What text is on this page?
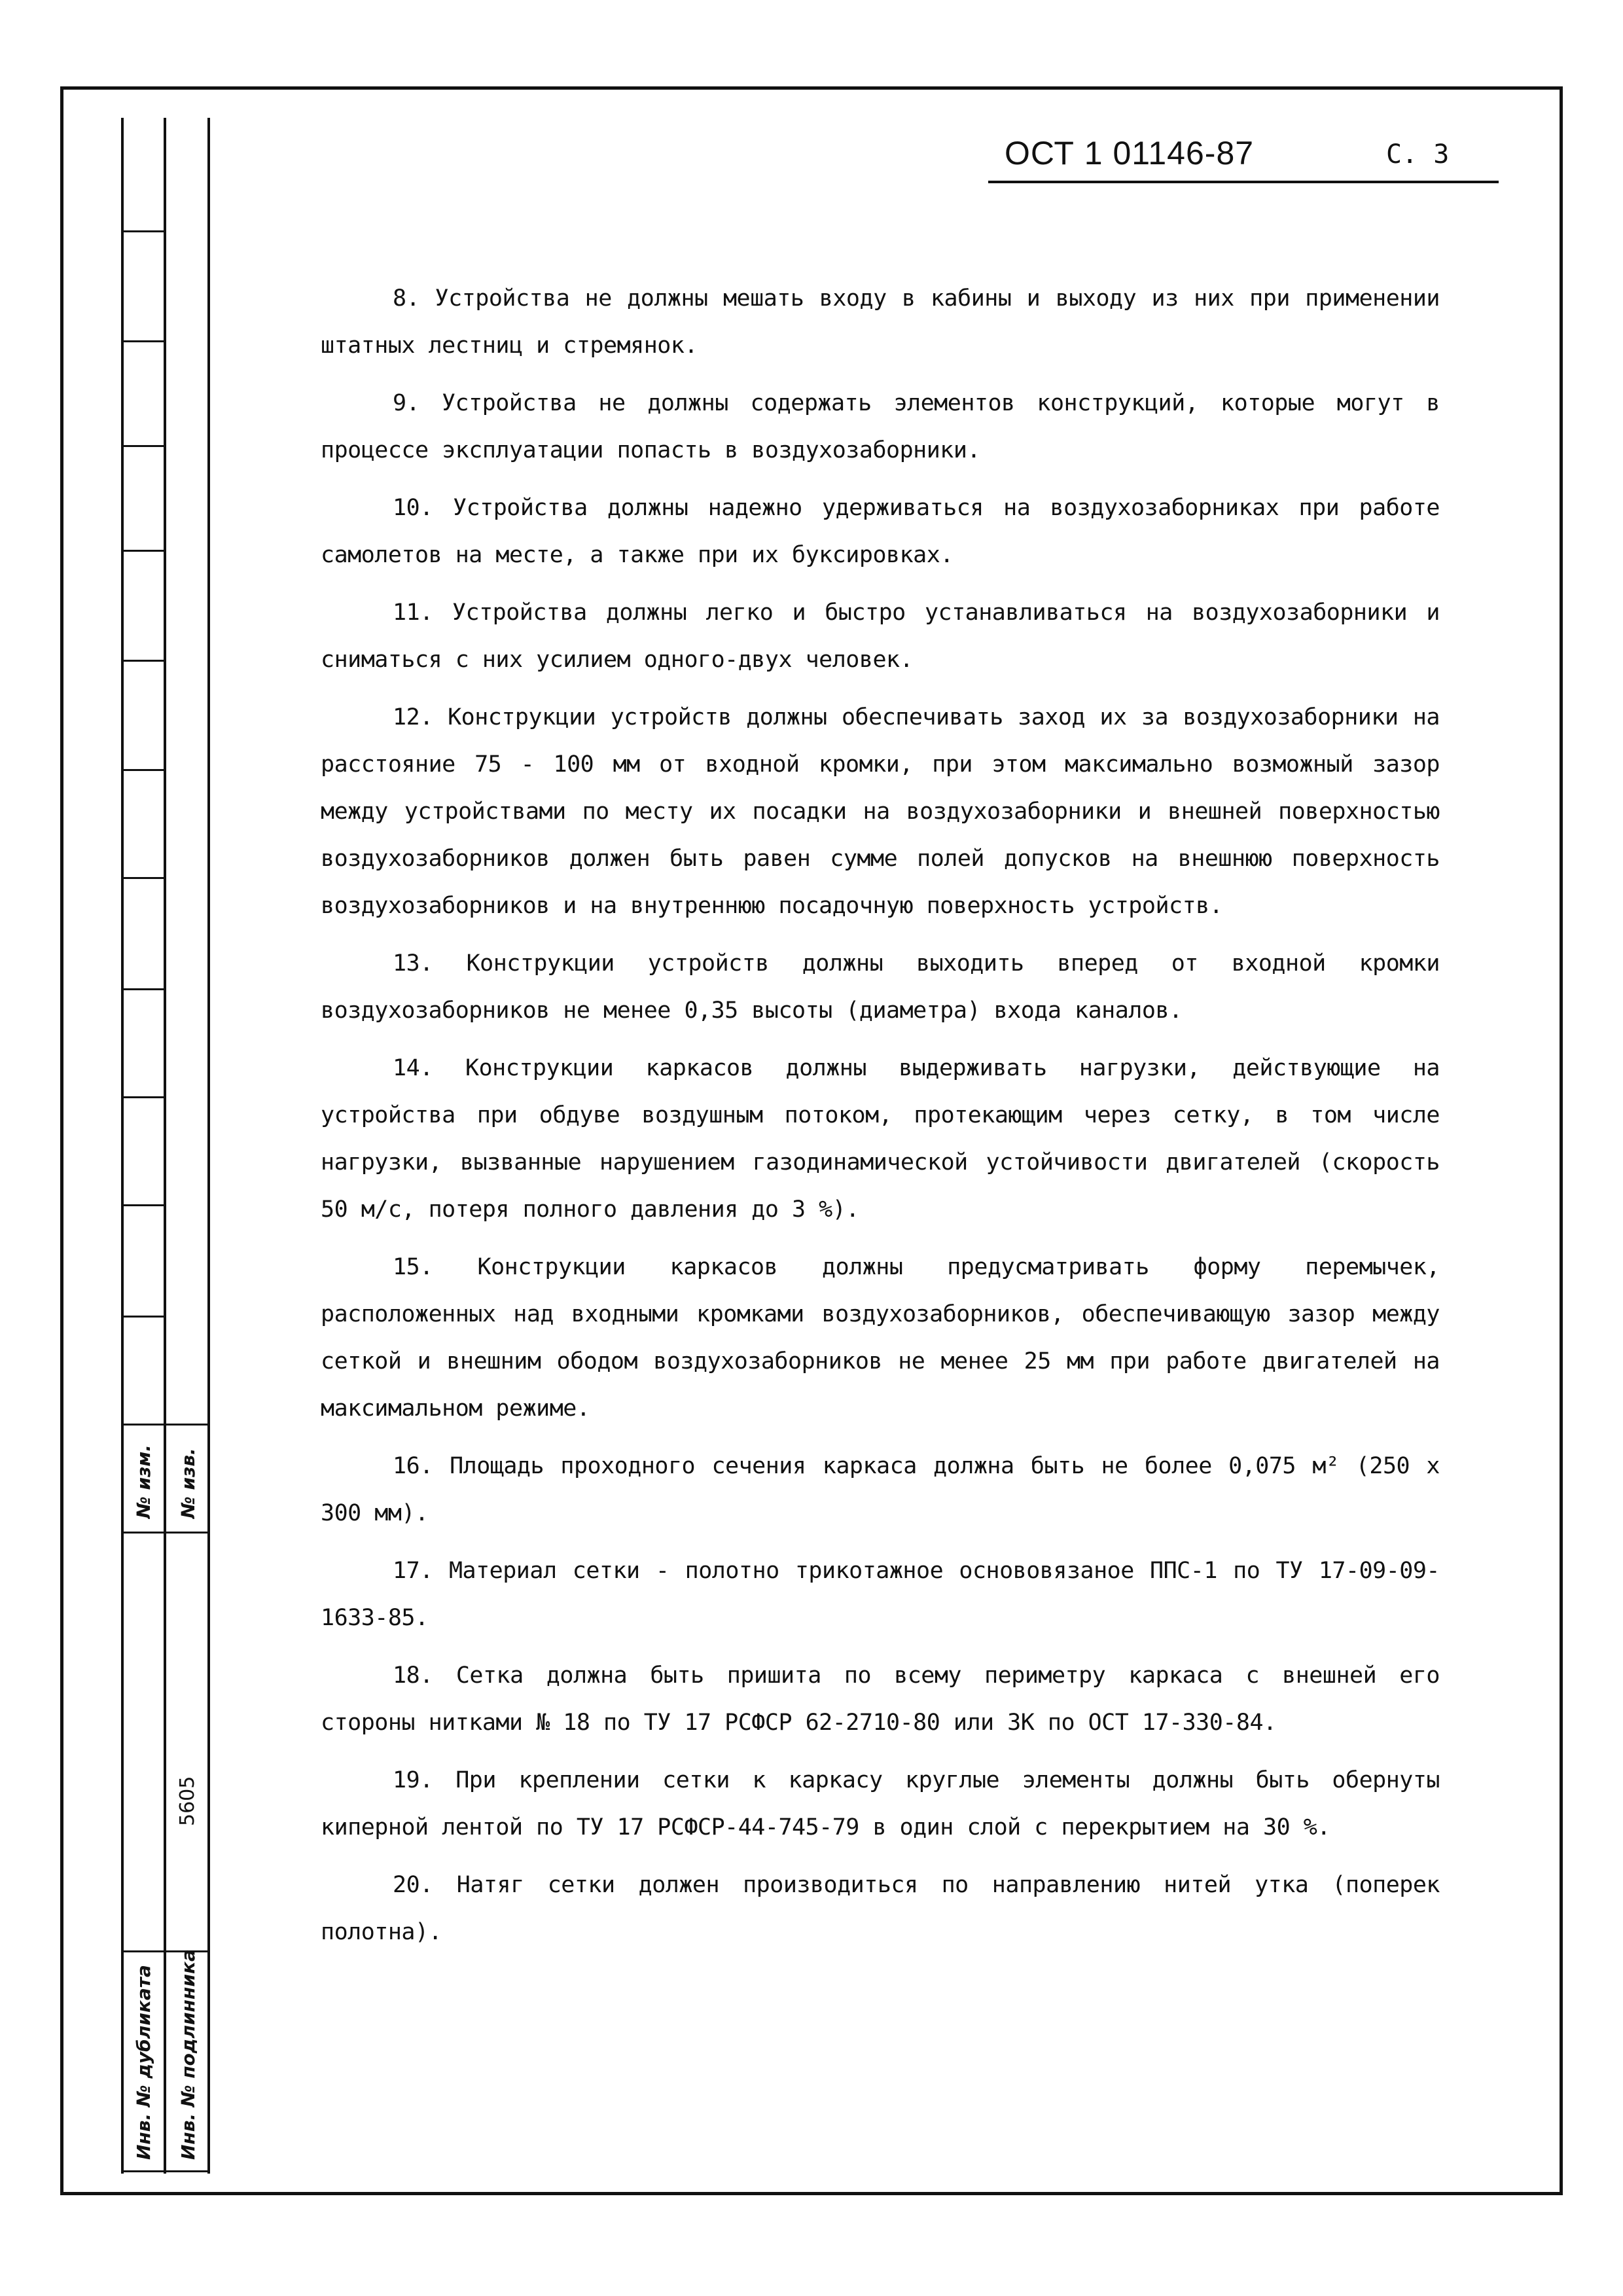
№ изм. № изв.
5605
Инв. № дубликата Инв. № подлинника
ОСТ 1 01146-87	С. 3

8. Устройства не должны мешать входу в кабины и выходу из них при применении штатных лестниц и стремянок.

9. Устройства не должны содержать элементов конструкций, которые могут в процессе эксплуатации попасть в воздухозаборники.

10. Устройства должны надежно удерживаться на воздухозаборниках при работе самолетов на месте, а также при их буксировках.

11. Устройства должны легко и быстро устанавливаться на воздухозаборники и сниматься с них усилием одного-двух человек.

12. Конструкции устройств должны обеспечивать заход их за воздухозаборники на расстояние 75 - 100 мм от входной кромки, при этом максимально возможный зазор между устройствами по месту их посадки на воздухозаборники и внешней поверхностью воздухозаборников должен быть равен сумме полей допусков на внешнюю поверхность воздухозаборников и на внутреннюю посадочную поверхность устройств.

13. Конструкции устройств должны выходить вперед от входной кромки воздухозаборников не менее 0,35 высоты (диаметра) входа каналов.

14. Конструкции каркасов должны выдерживать нагрузки, действующие на устройства при обдуве воздушным потоком, протекающим через сетку, в том числе нагрузки, вызванные нарушением газодинамической устойчивости двигателей (скорость 50 м/с, потеря полного давления до 3 %).

15. Конструкции каркасов должны предусматривать форму перемычек, расположенных над входными кромками воздухозаборников, обеспечивающую зазор между сеткой и внешним ободом воздухозаборников не менее 25 мм при работе двигателей на максимальном режиме.

16. Площадь проходного сечения каркаса должна быть не более 0,075 м² (250 x 300 мм).

17. Материал сетки - полотно трикотажное основовязаное ППС-1 по ТУ 17-09-09-1633-85.

18. Сетка должна быть пришита по всему периметру каркаса с внешней его стороны нитками № 18 по ТУ 17 РСФСР 62-2710-80 или 3К по ОСТ 17-330-84.

19. При креплении сетки к каркасу круглые элементы должны быть обернуты киперной лентой по ТУ 17 РСФСР-44-745-79 в один слой с перекрытием на 30 %.

20. Натяг сетки должен производиться по направлению нитей утка (поперек полотна).
